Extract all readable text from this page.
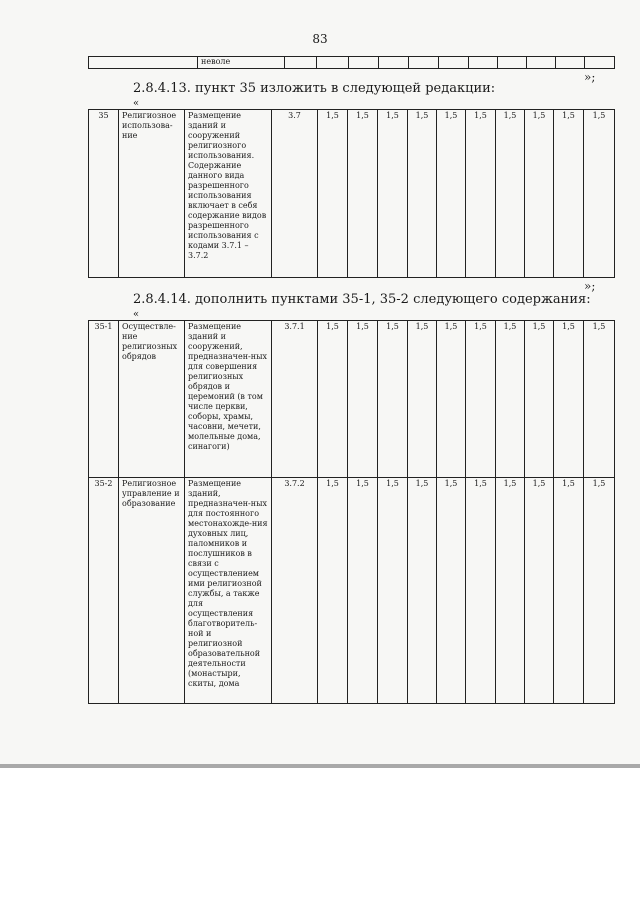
83
	неволе											
»;
2.8.4.13. пункт 35 изложить в следующей редакции:
«
35	Религиозное использова-ние	Размещение зданий и сооружений религиозного использования. Содержание данного вида разрешенного использования включает в себя содержание видов разрешенного использования с кодами 3.7.1 – 3.7.2	3.7	1,5	1,5	1,5	1,5	1,5	1,5	1,5	1,5	1,5	1,5	
»;
2.8.4.14. дополнить пунктами 35-1, 35-2 следующего содержания:
«
35-1	Осуществле-ние религиозных обрядов	Размещение зданий и сооружений, предназначен-ных для совершения религиозных обрядов и церемоний (в том числе церкви, соборы, храмы, часовни, мечети, молельные дома, синагоги)	3.7.1	1,5	1,5	1,5	1,5	1,5	1,5	1,5	1,5	1,5	1,5	
35-2	Религиозное управление и образование	Размещение зданий, предназначен-ных для постоянного местонахожде-ния духовных лиц, паломников и послушников в связи с осуществлением ими религиозной службы, а также для осуществления благотворитель-ной и религиозной образовательной деятельности (монастыри, скиты, дома	3.7.2	1,5	1,5	1,5	1,5	1,5	1,5	1,5	1,5	1,5	1,5	
